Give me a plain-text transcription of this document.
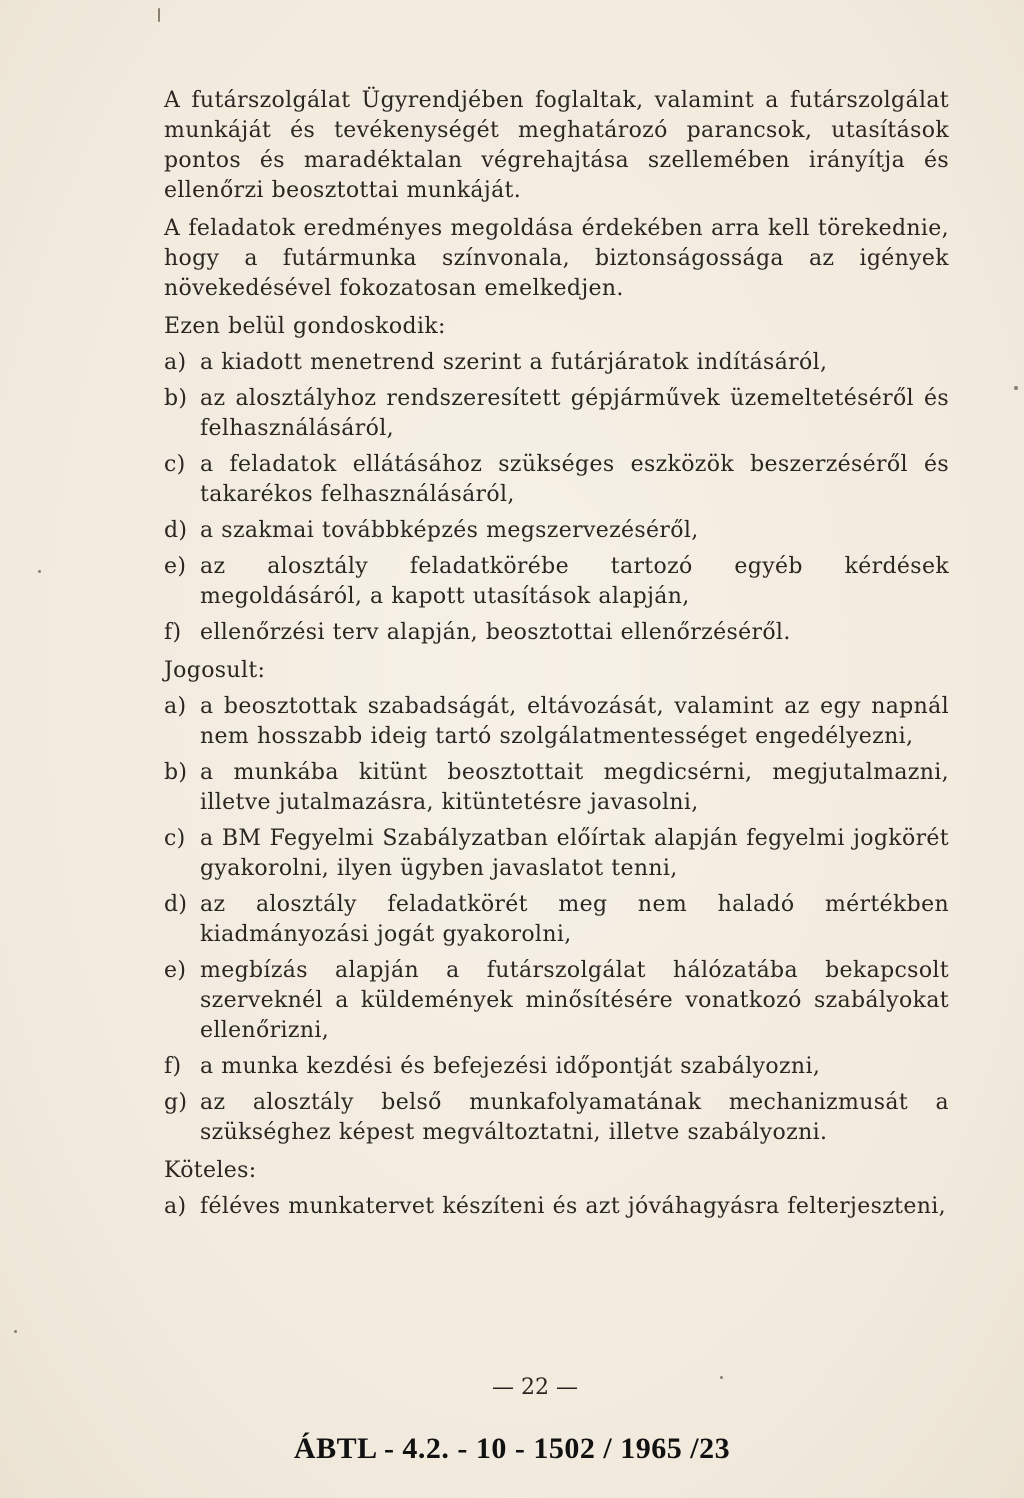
A futárszolgálat Ügyrendjében foglaltak, valamint a futárszolgálat munkáját és tevékenységét meghatározó parancsok, utasítások pontos és maradéktalan végrehajtása szellemében irányítja és ellenőrzi beosztottai munkáját.

A feladatok eredményes megoldása érdekében arra kell törekednie, hogy a futármunka színvonala, biztonságossága az igények növekedésével fokozatosan emelkedjen.

Ezen belül gondoskodik:

a) a kiadott menetrend szerint a futárjáratok indításáról,
b) az alosztályhoz rendszeresített gépjárművek üzemeltetéséről és felhasználásáról,
c) a feladatok ellátásához szükséges eszközök beszerzéséről és takarékos felhasználásáról,
d) a szakmai továbbképzés megszervezéséről,
e) az alosztály feladatkörébe tartozó egyéb kérdések megoldásáról, a kapott utasítások alapján,
f) ellenőrzési terv alapján, beosztottai ellenőrzéséről.

Jogosult:

a) a beosztottak szabadságát, eltávozását, valamint az egy napnál nem hosszabb ideig tartó szolgálatmentességet engedélyezni,
b) a munkába kitünt beosztottait megdicsérni, megjutalmazni, illetve jutalmazásra, kitüntetésre javasolni,
c) a BM Fegyelmi Szabályzatban előírtak alapján fegyelmi jogkörét gyakorolni, ilyen ügyben javaslatot tenni,
d) az alosztály feladatkörét meg nem haladó mértékben kiadmányozási jogát gyakorolni,
e) megbízás alapján a futárszolgálat hálózatába bekapcsolt szerveknél a küldemények minősítésére vonatkozó szabályokat ellenőrizni,
f) a munka kezdési és befejezési időpontját szabályozni,
g) az alosztály belső munkafolyamatának mechanizmusát a szükséghez képest megváltoztatni, illetve szabályozni.

Köteles:

a) féléves munkatervet készíteni és azt jóváhagyásra felterjeszteni,
— 22 —
ÁBTL - 4.2. - 10 - 1502 / 1965 /23
